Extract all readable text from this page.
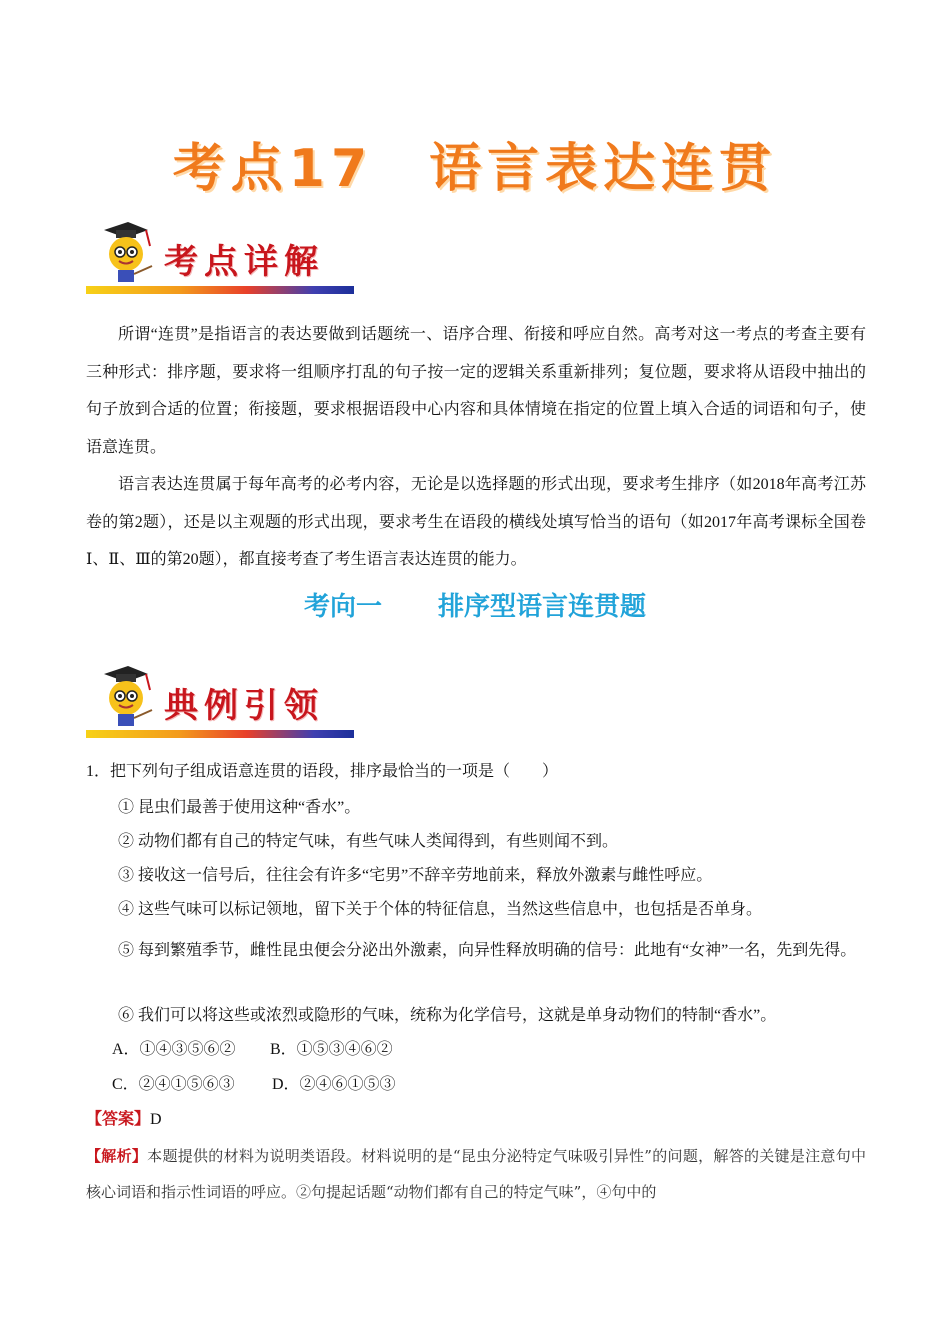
考点17 语言表达连贯
考点详解

所谓“连贯”是指语言的表达要做到话题统一、语序合理、衔接和呼应自然。高考对这一考点的考查主要有三种形式：排序题，要求将一组顺序打乱的句子按一定的逻辑关系重新排列；复位题，要求将从语段中抽出的句子放到合适的位置；衔接题，要求根据语段中心内容和具体情境在指定的位置上填入合适的词语和句子，使语意连贯。

语言表达连贯属于每年高考的必考内容，无论是以选择题的形式出现，要求考生排序（如2018年高考江苏卷的第2题），还是以主观题的形式出现，要求考生在语段的横线处填写恰当的语句（如2017年高考课标全国卷Ⅰ、Ⅱ、Ⅲ的第20题），都直接考查了考生语言表达连贯的能力。

考向一 排序型语言连贯题
典例引领

1．把下列句子组成语意连贯的语段，排序最恰当的一项是（　　）

① 昆虫们最善于使用这种“香水”。

② 动物们都有自己的特定气味，有些气味人类闻得到，有些则闻不到。

③ 接收这一信号后，往往会有许多“宅男”不辞辛劳地前来，释放外激素与雌性呼应。

④ 这些气味可以标记领地，留下关于个体的特征信息，当然这些信息中，也包括是否单身。

⑤ 每到繁殖季节，雌性昆虫便会分泌出外激素，向异性释放明确的信号：此地有“女神”一名，先到先得。

⑥ 我们可以将这些或浓烈或隐形的气味，统称为化学信号，这就是单身动物们的特制“香水”。

A．①④③⑤⑥② B．①⑤③④⑥②

C．②④①⑤⑥③ D．②④⑥①⑤③

【答案】D

【解析】本题提供的材料为说明类语段。材料说明的是“昆虫分泌特定气味吸引异性”的问题，解答的关键是注意句中核心词语和指示性词语的呼应。②句提起话题“动物们都有自己的特定气味”，④句中的
